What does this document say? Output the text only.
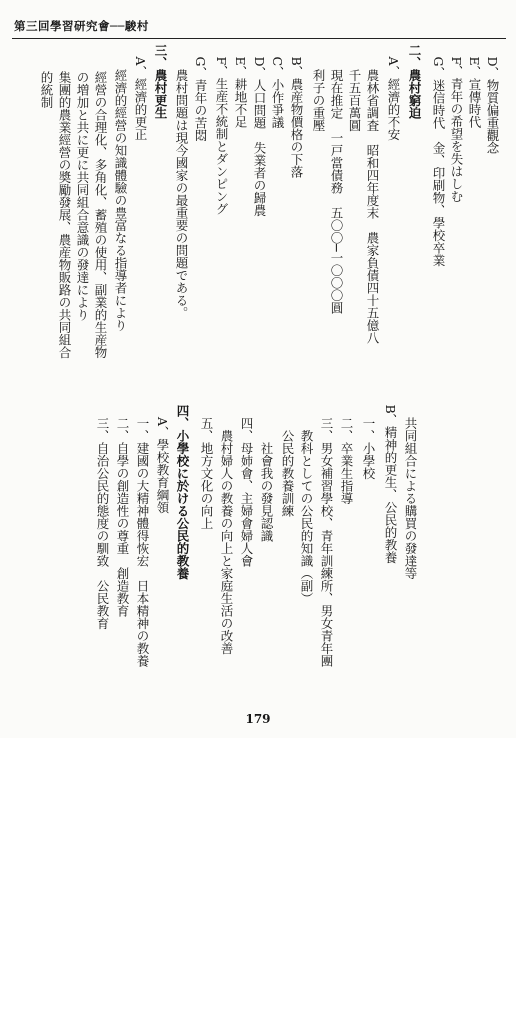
第三回學習研究會──駿村
　D、物質偏重觀念
　E、宣傳時代
　F、青年の希望を失はしむ
　G、迷信時代　金、印刷物、學校卒業
二、農村窮迫
　A、經濟的不安
　　農林省調査　昭和四年度末　農家負債四十五億八
　　千五百萬圓
　　現在推定　一戸當債務　五〇〇─一〇〇〇圓
　　利子の重壓
　B、農産物價格の下落
　C、小作爭議
　D、人口問題　失業者の歸農
　E、耕地不足
　F、生産不統制とダンピング
　G、青年の苦悶
　　農村問題は現今國家の最重要の問題である。
三、農村更生
　A、經濟的更正
　　經濟的經營の知識體驗の豊富なる指導者により
　　經營の合理化、多角化、蓄殖の使用、副業的生産物
　　の増加と共に更に共同組合意識の發達により
　　集團的農業經營の奬勵發展、農産物販路の共同組合
　　的統制
　　共同組合による購買の發達等
　B、精神的更生、公民的教養
　　一、小學校
　　二、卒業生指導
　　三、男女補習學校、青年訓練所、男女青年團
　　　教科としての公民的知識（副）
　　　公民的教養訓練
　　　　社會我の發見認識
　　四、母姉會、主婦會婦人會
　　　農村婦人の教養の向上と家庭生活の改善
　　五、地方文化の向上
　四、小學校に於ける公民的教養
　　A、學校教育綱領
　　一、建國の大精神體得恢宏　日本精神の教養
　　二、自學の創造性の尊重　創造教育
　　三、自治公民的態度の馴致　公民教育
179
